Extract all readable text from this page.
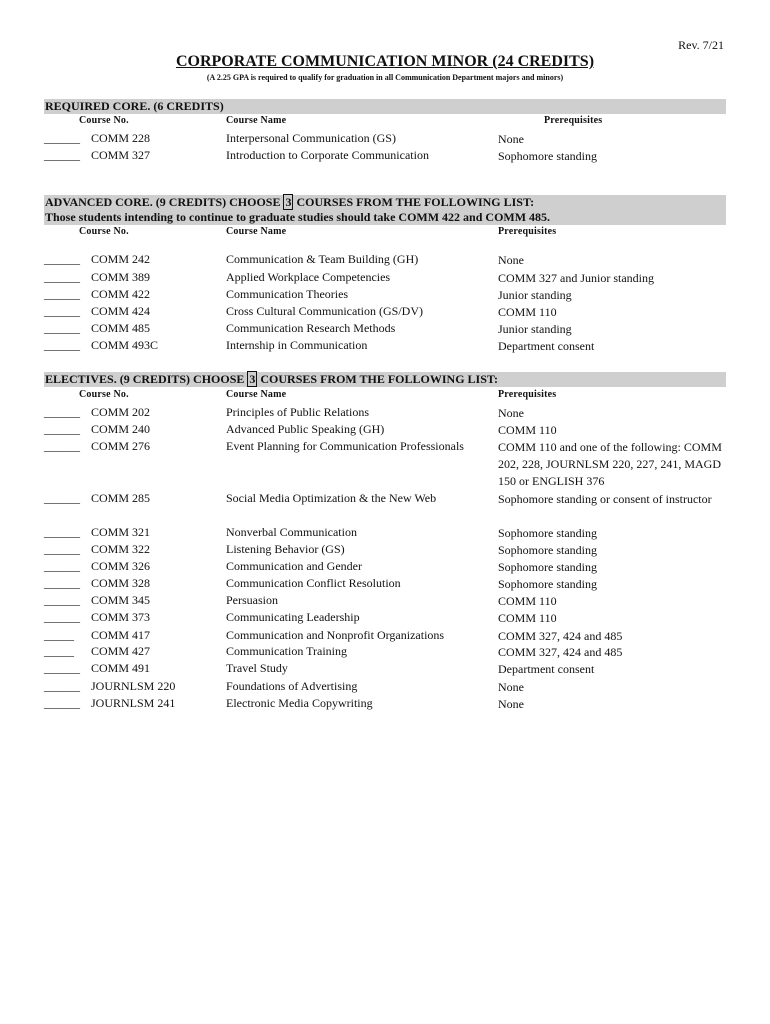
Rev. 7/21
CORPORATE COMMUNICATION MINOR (24 CREDITS)
(A 2.25 GPA is required to qualify for graduation in all Communication Department majors and minors)
REQUIRED CORE. (6 CREDITS)
Course No.	Course Name	Prerequisites
______ COMM 228	Interpersonal Communication (GS)	None
______ COMM 327	Introduction to Corporate Communication	Sophomore standing
ADVANCED CORE. (9 CREDITS) CHOOSE 3 COURSES FROM THE FOLLOWING LIST:
Those students intending to continue to graduate studies should take COMM 422 and COMM 485.
Course No.	Course Name	Prerequisites
______ COMM 242	Communication & Team Building (GH)	None
______ COMM 389	Applied Workplace Competencies	COMM 327 and Junior standing
______ COMM 422	Communication Theories	Junior standing
______ COMM 424	Cross Cultural Communication (GS/DV)	COMM 110
______ COMM 485	Communication Research Methods	Junior standing
______ COMM 493C	Internship in Communication	Department consent
ELECTIVES. (9 CREDITS) CHOOSE 3 COURSES FROM THE FOLLOWING LIST:
Course No.	Course Name	Prerequisites
______ COMM 202	Principles of Public Relations	None
______ COMM 240	Advanced Public Speaking (GH)	COMM 110
______ COMM 276	Event Planning for Communication Professionals	COMM 110 and one of the following: COMM 202, 228, JOURNLSM 220, 227, 241, MAGD 150 or ENGLISH 376
______ COMM 285	Social Media Optimization & the New Web	Sophomore standing or consent of instructor
______ COMM 321	Nonverbal Communication	Sophomore standing
______ COMM 322	Listening Behavior (GS)	Sophomore standing
______ COMM 326	Communication and Gender	Sophomore standing
______ COMM 328	Communication Conflict Resolution	Sophomore standing
______ COMM 345	Persuasion	COMM 110
______ COMM 373	Communicating Leadership	COMM 110
_____ COMM 417	Communication and Nonprofit Organizations	COMM 327, 424 and 485
_____ COMM 427	Communication Training	COMM 327, 424 and 485
______ COMM 491	Travel Study	Department consent
______ JOURNLSM 220	Foundations of Advertising	None
______ JOURNLSM 241	Electronic Media Copywriting	None
